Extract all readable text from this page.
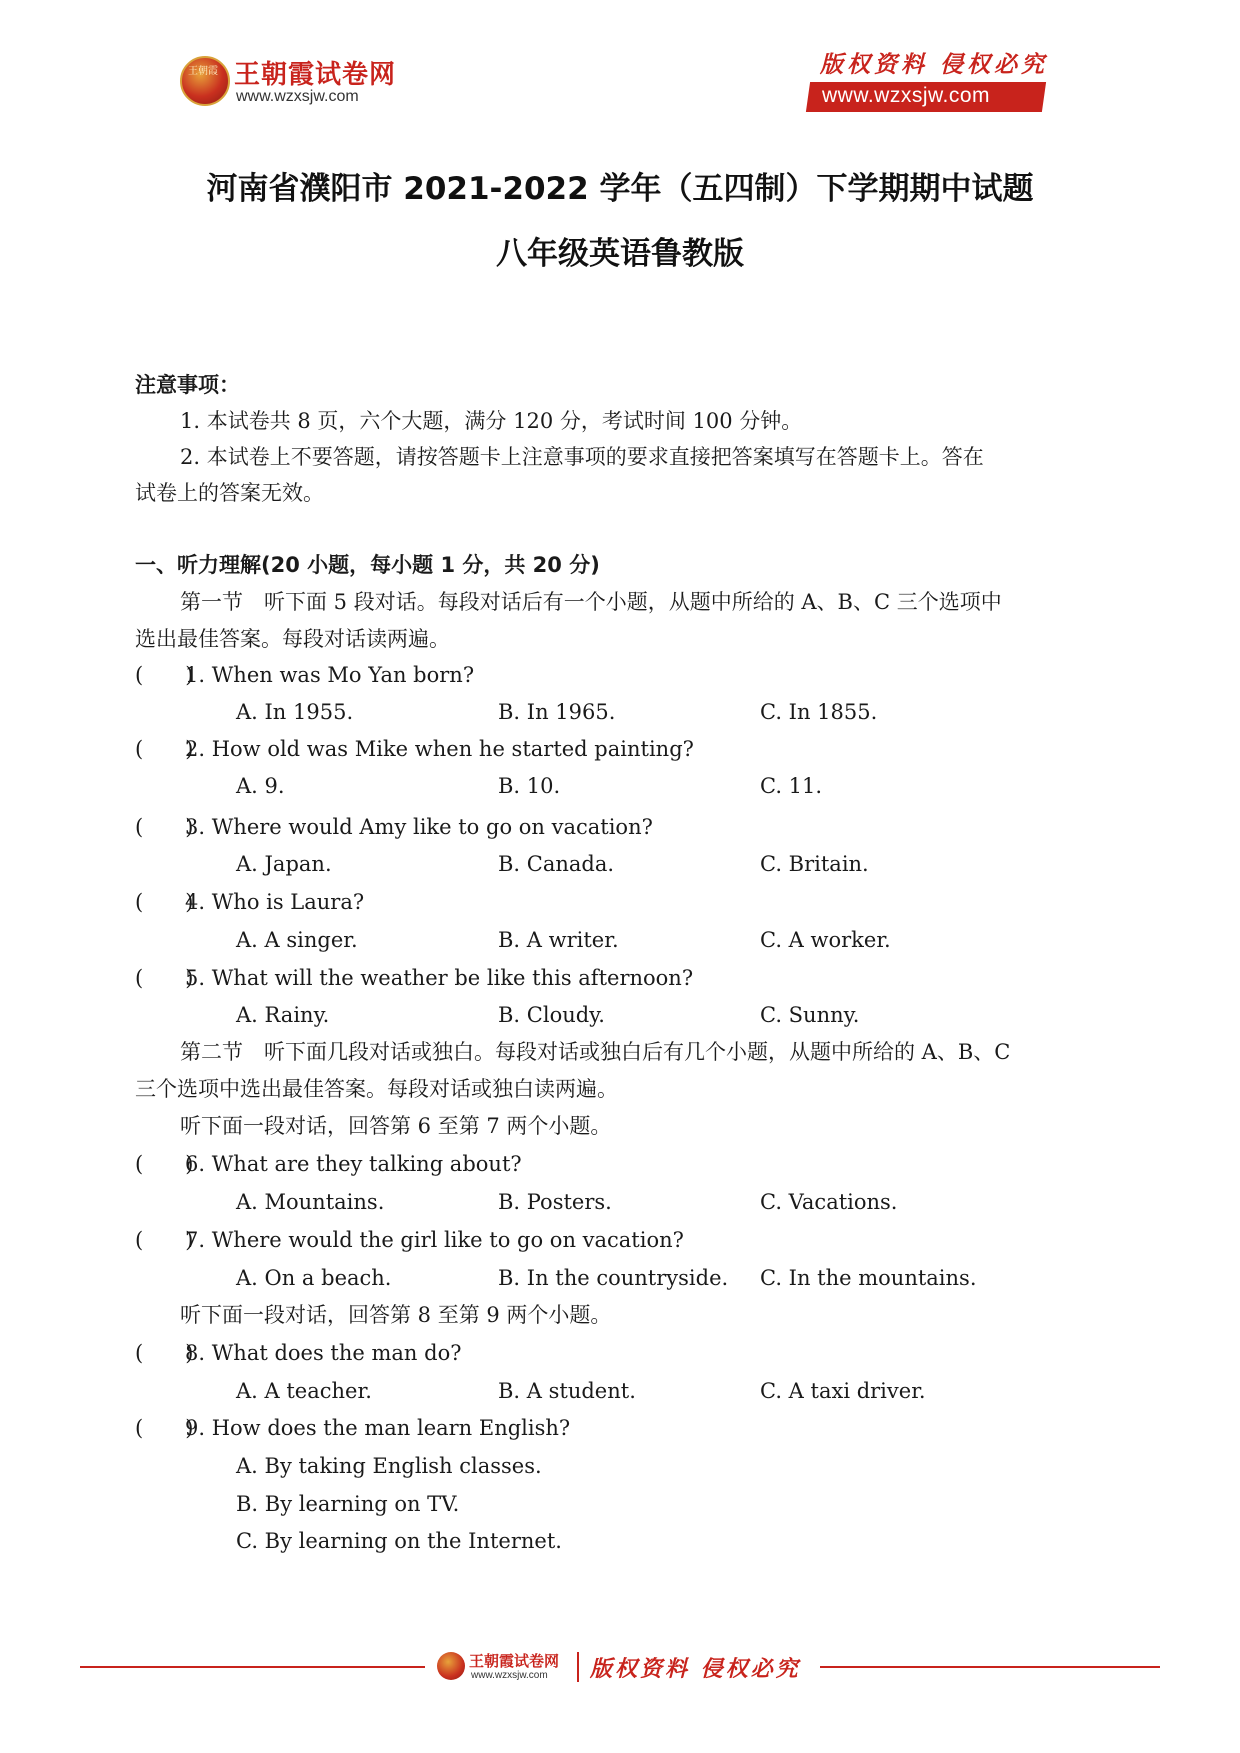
王朝霞 王朝霞试卷网
www.wzxsjw.com
版权资料 侵权必究
www.wzxsjw.com
河南省濮阳市 2021-2022 学年（五四制）下学期期中试题
八年级英语鲁教版
注意事项：
1. 本试卷共 8 页，六个大题，满分 120 分，考试时间 100 分钟。
2. 本试卷上不要答题，请按答题卡上注意事项的要求直接把答案填写在答题卡上。答在
试卷上的答案无效。
一、听力理解(20 小题，每小题 1 分，共 20 分)
第一节　听下面 5 段对话。每段对话后有一个小题，从题中所给的 A、B、C 三个选项中
选出最佳答案。每段对话读两遍。
(　　)
1. When was Mo Yan born?
A. In 1955.	B. In 1965.	C. In 1855.
(　　)
2. How old was Mike when he started painting?
A. 9.	B. 10.	C. 11.
(　　)
3. Where would Amy like to go on vacation?
A. Japan.	B. Canada.	C. Britain.
(　　)
4. Who is Laura?
A. A singer.	B. A writer.	C. A worker.
(　　)
5. What will the weather be like this afternoon?
A. Rainy.	B. Cloudy.	C. Sunny.
第二节　听下面几段对话或独白。每段对话或独白后有几个小题，从题中所给的 A、B、C
三个选项中选出最佳答案。每段对话或独白读两遍。
听下面一段对话，回答第 6 至第 7 两个小题。
(　　)
6. What are they talking about?
A. Mountains.	B. Posters.	C. Vacations.
(　　)
7. Where would the girl like to go on vacation?
A. On a beach.	B. In the countryside. C. In the mountains.
听下面一段对话，回答第 8 至第 9 两个小题。
(　　)
8. What does the man do?
A. A teacher.	B. A student.	C. A taxi driver.
(　　)
9. How does the man learn English?
A. By taking English classes.
B. By learning on TV.
C. By learning on the Internet.
王朝霞试卷网
www.wzxsjw.com 版权资料 侵权必究
